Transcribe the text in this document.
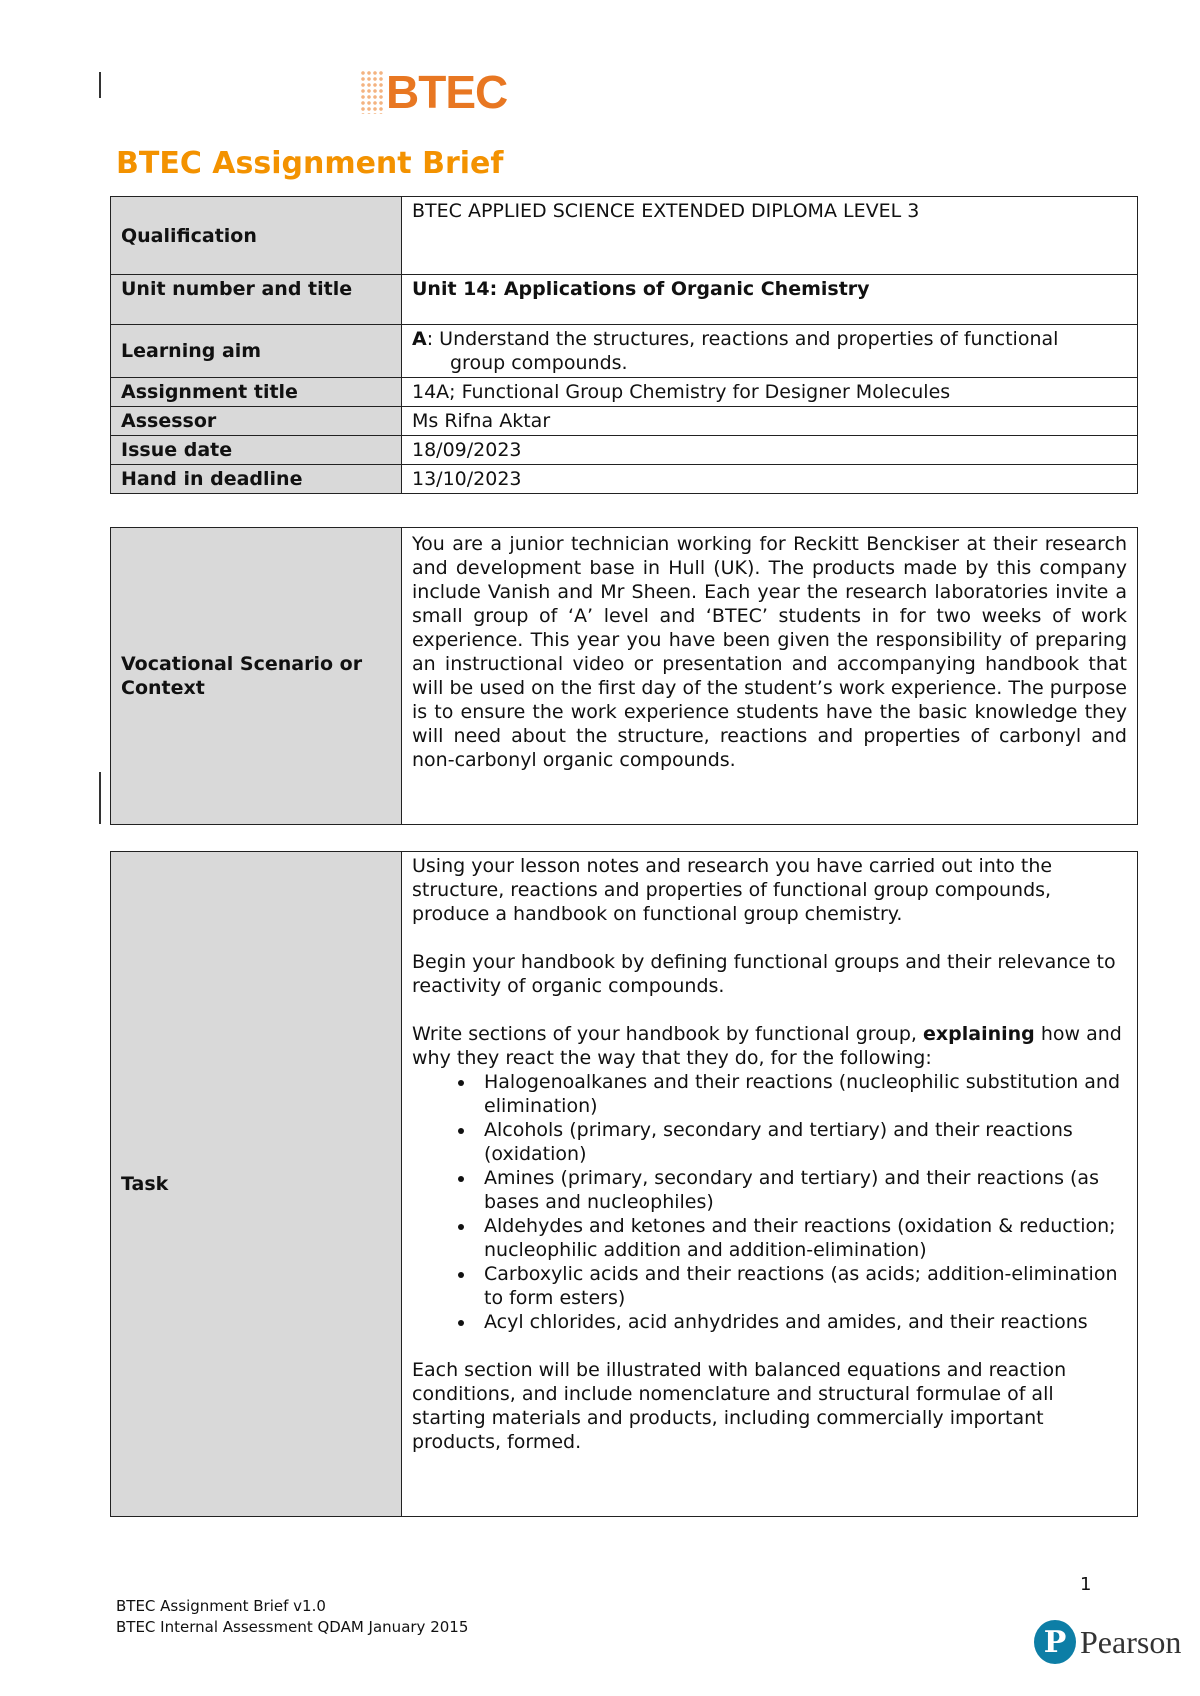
BTEC
BTEC Assignment Brief
Qualification	BTEC APPLIED SCIENCE EXTENDED DIPLOMA LEVEL 3
Unit number and title	Unit 14: Applications of Organic Chemistry
Learning aim	A: Understand the structures, reactions and properties of functional
group compounds.
Assignment title	14A; Functional Group Chemistry for Designer Molecules
Assessor	Ms Rifna Aktar
Issue date	18/09/2023
Hand in deadline	13/10/2023
Vocational Scenario or Context	You are a junior technician working for Reckitt Benckiser at their research and development base in Hull (UK). The products made by this company include Vanish and Mr Sheen. Each year the research laboratories invite a small group of ‘A’ level and ‘BTEC’ students in for two weeks of work experience. This year you have been given the responsibility of preparing an instructional video or presentation and accompanying handbook that will be used on the first day of the student’s work experience. The purpose is to ensure the work experience students have the basic knowledge they will need about the structure, reactions and properties of carbonyl and non-carbonyl organic compounds.
Task	

Using your lesson notes and research you have carried out into the structure, reactions and properties of functional group compounds, produce a handbook on functional group chemistry.

Begin your handbook by defining functional groups and their relevance to reactivity of organic compounds.

Write sections of your handbook by functional group, explaining how and why they react the way that they do, for the following:

• Halogenoalkanes and their reactions (nucleophilic substitution and elimination)
• Alcohols (primary, secondary and tertiary) and their reactions (oxidation)
• Amines (primary, secondary and tertiary) and their reactions (as bases and nucleophiles)
• Aldehydes and ketones and their reactions (oxidation & reduction; nucleophilic addition and addition-elimination)
• Carboxylic acids and their reactions (as acids; addition-elimination to form esters)
• Acyl chlorides, acid anhydrides and amides, and their reactions

Each section will be illustrated with balanced equations and reaction conditions, and include nomenclature and structural formulae of all starting materials and products, including commercially important products, formed.

1
BTEC Assignment Brief v1.0
BTEC Internal Assessment QDAM January 2015	P Pearson
